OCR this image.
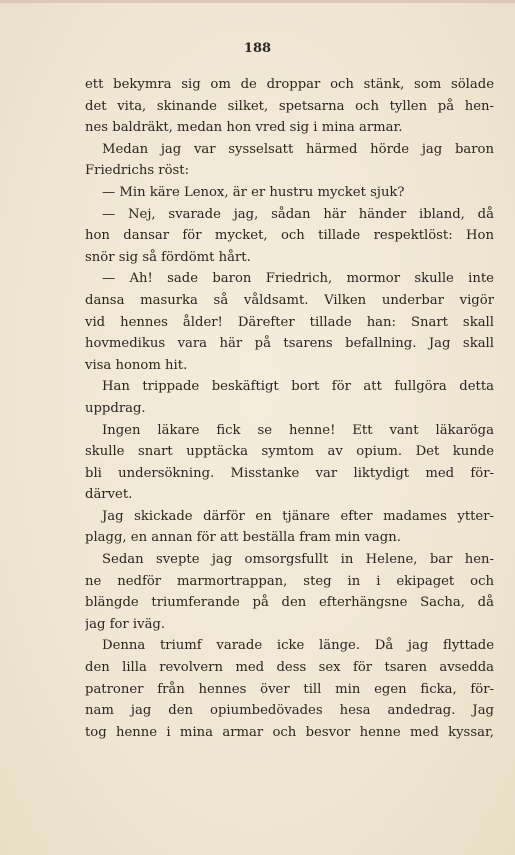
188
ett bekymra sig om de droppar och stänk, som sölade
det vita, skinande silket, spetsarna och tyllen på hen-
nes baldräkt, medan hon vred sig i mina armar.
Medan jag var sysselsatt härmed hörde jag baron
Friedrichs röst:
— Min käre Lenox, är er hustru mycket sjuk?
— Nej, svarade jag, sådan här händer ibland, då
hon dansar för mycket, och tillade respektlöst: Hon
snör sig så fördömt hårt.
— Ah! sade baron Friedrich, mormor skulle inte
dansa masurka så våldsamt. Vilken underbar vigör
vid hennes ålder! Därefter tillade han: Snart skall
hovmedikus vara här på tsarens befallning. Jag skall
visa honom hit.
Han trippade beskäftigt bort för att fullgöra detta
uppdrag.
Ingen läkare fick se henne! Ett vant läkaröga
skulle snart upptäcka symtom av opium. Det kunde
bli undersökning. Misstanke var liktydigt med för-
därvet.
Jag skickade därför en tjänare efter madames ytter-
plagg, en annan för att beställa fram min vagn.
Sedan svepte jag omsorgsfullt in Helene, bar hen-
ne nedför marmortrappan, steg in i ekipaget och
blängde triumferande på den efterhängsne Sacha, då
jag for iväg.
Denna triumf varade icke länge. Då jag flyttade
den lilla revolvern med dess sex för tsaren avsedda
patroner från hennes över till min egen ficka, för-
nam jag den opiumbedövades hesa andedrag. Jag
tog henne i mina armar och besvor henne med kyssar,
